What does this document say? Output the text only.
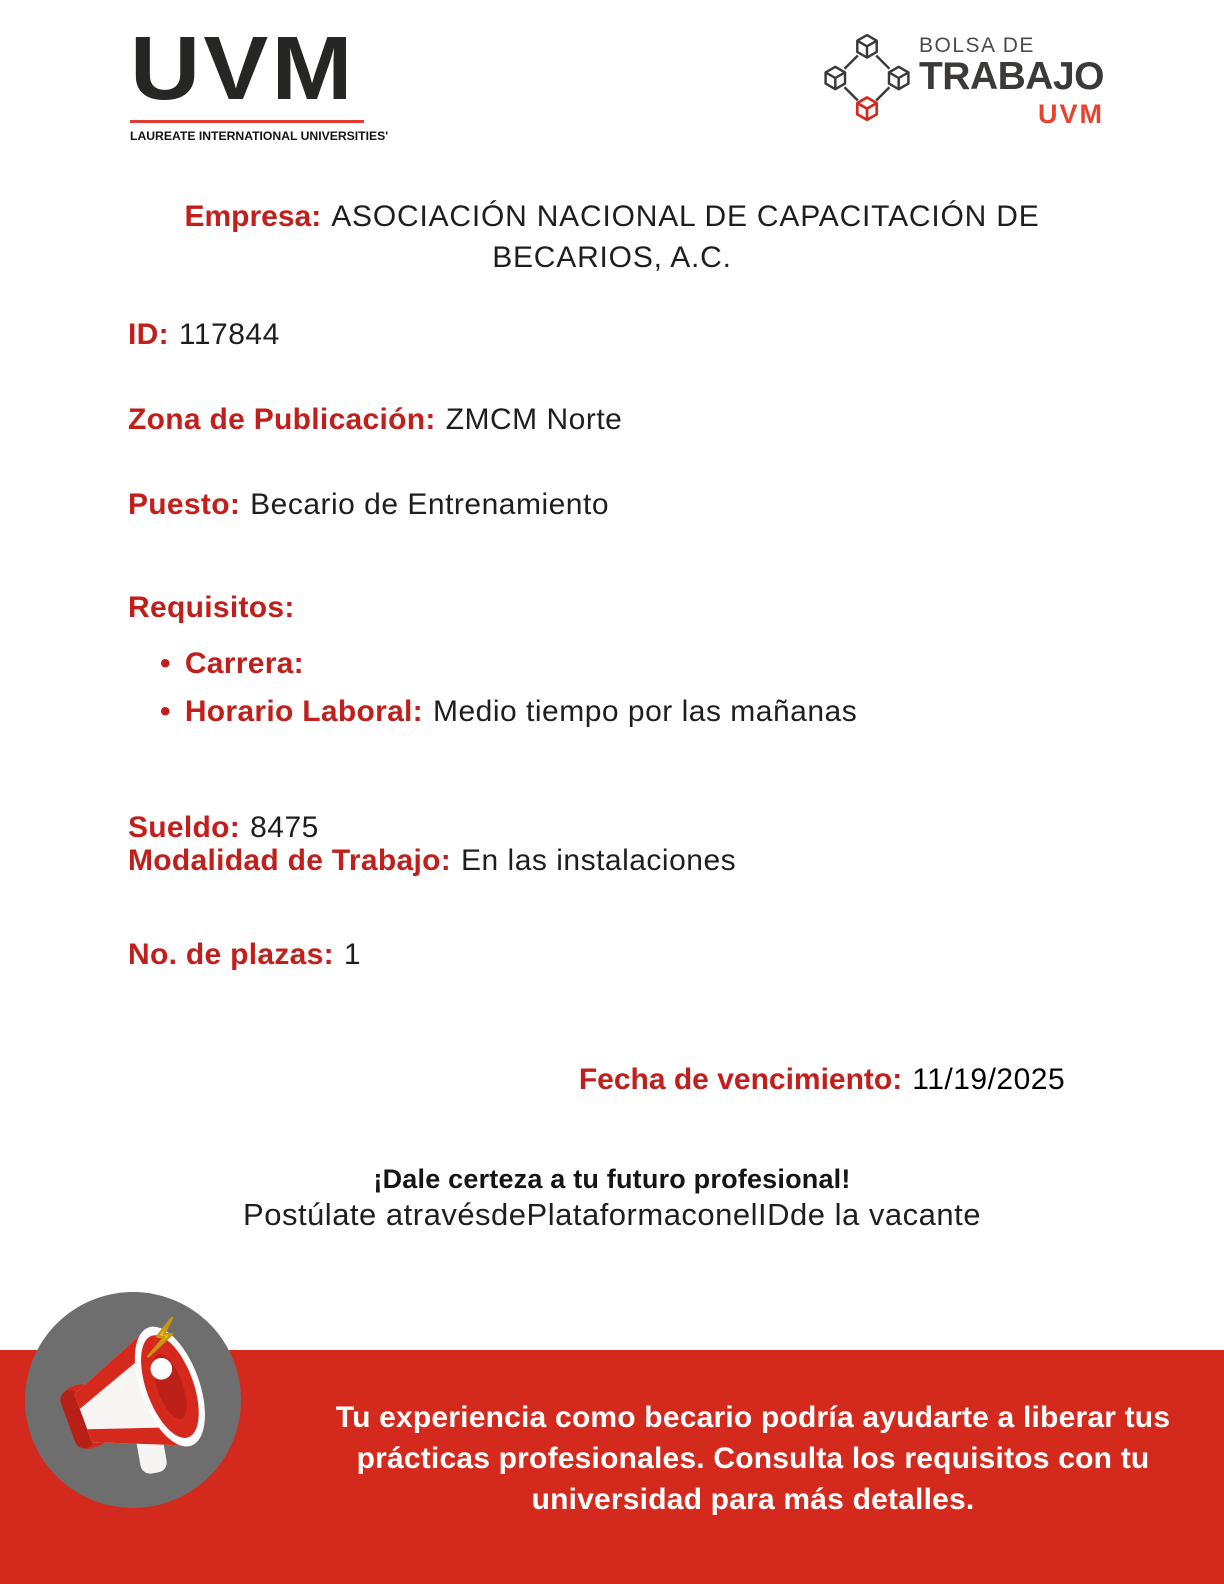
UVM
LAUREATE INTERNATIONAL UNIVERSITIES'
BOLSA DE
TRABAJO
UVM
Empresa: ASOCIACIÓN NACIONAL DE CAPACITACIÓN DE
BECARIOS, A.C.
ID: 117844
Zona de Publicación: ZMCM Norte
Puesto: Becario de Entrenamiento
Requisitos:
• Carrera:
• Horario Laboral: Medio tiempo por las mañanas
Sueldo: 8475
Modalidad de Trabajo: En las instalaciones
No. de plazas: 1
Fecha de vencimiento: 11/19/2025
¡Dale certeza a tu futuro profesional!
Postúlate atravésdePlataformaconelIDde la vacante
Tu experiencia como becario podría ayudarte a liberar tus
prácticas profesionales. Consulta los requisitos con tu
universidad para más detalles.
